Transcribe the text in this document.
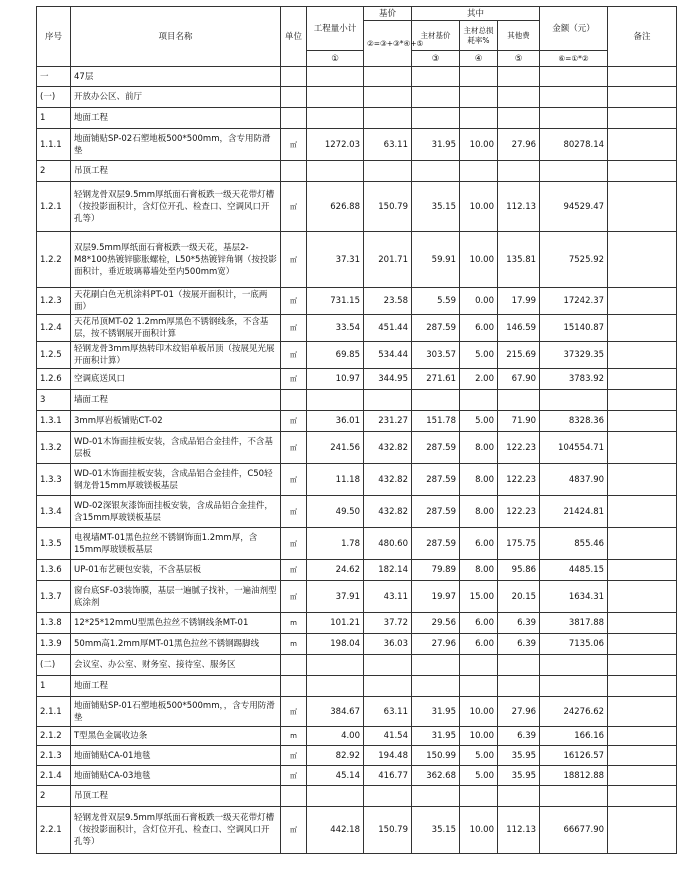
序号	项目名称	单位	工程量小计	基价	其中			金额（元）	备注
				②=③+③*④+⑤	主材基价	主材总损耗率%	其他费		
			①		③	④	⑤	⑥=①*②	
一	47层								
(一)	开放办公区、前厅								
1	地面工程								
1.1.1	地面铺贴SP-02石塑地板500*500mm，含专用防滑垫	㎡	1272.03	63.11	31.95	10.00	27.96	80278.14	
2	吊顶工程								
1.2.1	轻钢龙骨双层9.5mm厚纸面石膏板跌一级天花带灯槽（按投影面积计，含灯位开孔、检查口、空调风口开孔等）	㎡	626.88	150.79	35.15	10.00	112.13	94529.47	
1.2.2	双层9.5mm厚纸面石膏板跌一级天花，基层2-M8*100热镀锌膨胀螺栓，L50*5热镀锌角钢（按投影面积计，垂近玻璃幕墙处至内500mm宽）	㎡	37.31	201.71	59.91	10.00	135.81	7525.92	
1.2.3	天花刷白色无机涂料PT-01（按展开面积计，一底两面）	㎡	731.15	23.58	5.59	0.00	17.99	17242.37	
1.2.4	天花吊顶MT-02 1.2mm厚黑色不锈钢线条，不含基层，按不锈钢展开面积计算	㎡	33.54	451.44	287.59	6.00	146.59	15140.87	
1.2.5	轻钢龙骨3mm厚热转印木纹铝单板吊顶（按展见光展开面积计算）	㎡	69.85	534.44	303.57	5.00	215.69	37329.35	
1.2.6	空调底送风口	㎡	10.97	344.95	271.61	2.00	67.90	3783.92	
3	墙面工程								
1.3.1	3mm厚岩板铺贴CT-02	㎡	36.01	231.27	151.78	5.00	71.90	8328.36	
1.3.2	WD-01木饰面挂板安装，含成品铝合金挂件，不含基层板	㎡	241.56	432.82	287.59	8.00	122.23	104554.71	
1.3.3	WD-01木饰面挂板安装，含成品铝合金挂件，C50轻钢龙骨15mm厚玻镁板基层	㎡	11.18	432.82	287.59	8.00	122.23	4837.90	
1.3.4	WD-02深银灰漆饰面挂板安装，含成品铝合金挂件，含15mm厚玻镁板基层	㎡	49.50	432.82	287.59	8.00	122.23	21424.81	
1.3.5	电视墙MT-01黑色拉丝不锈钢饰面1.2mm厚，含15mm厚玻镁板基层	㎡	1.78	480.60	287.59	6.00	175.75	855.46	
1.3.6	UP-01布艺硬包安装，不含基层板	㎡	24.62	182.14	79.89	8.00	95.86	4485.15	
1.3.7	窗台底SF-03装饰膜，基层一遍腻子找补，一遍油剂型底涂剂	㎡	37.91	43.11	19.97	15.00	20.15	1634.31	
1.3.8	12*25*12mmU型黑色拉丝不锈钢线条MT-01	m	101.21	37.72	29.56	6.00	6.39	3817.88	
1.3.9	50mm高1.2mm厚MT-01黑色拉丝不锈钢踢脚线	m	198.04	36.03	27.96	6.00	6.39	7135.06	
(二)	会议室、办公室、财务室、接待室、服务区								
1	地面工程								
2.1.1	地面铺贴SP-01石塑地板500*500mm，，含专用防滑垫	㎡	384.67	63.11	31.95	10.00	27.96	24276.62	
2.1.2	T型黑色金属收边条	m	4.00	41.54	31.95	10.00	6.39	166.16	
2.1.3	地面铺贴CA-01地毯	㎡	82.92	194.48	150.99	5.00	35.95	16126.57	
2.1.4	地面铺贴CA-03地毯	㎡	45.14	416.77	362.68	5.00	35.95	18812.88	
2	吊顶工程								
2.2.1	轻钢龙骨双层9.5mm厚纸面石膏板跌一级天花带灯槽（按投影面积计，含灯位开孔、检查口、空调风口开孔等）	㎡	442.18	150.79	35.15	10.00	112.13	66677.90	
